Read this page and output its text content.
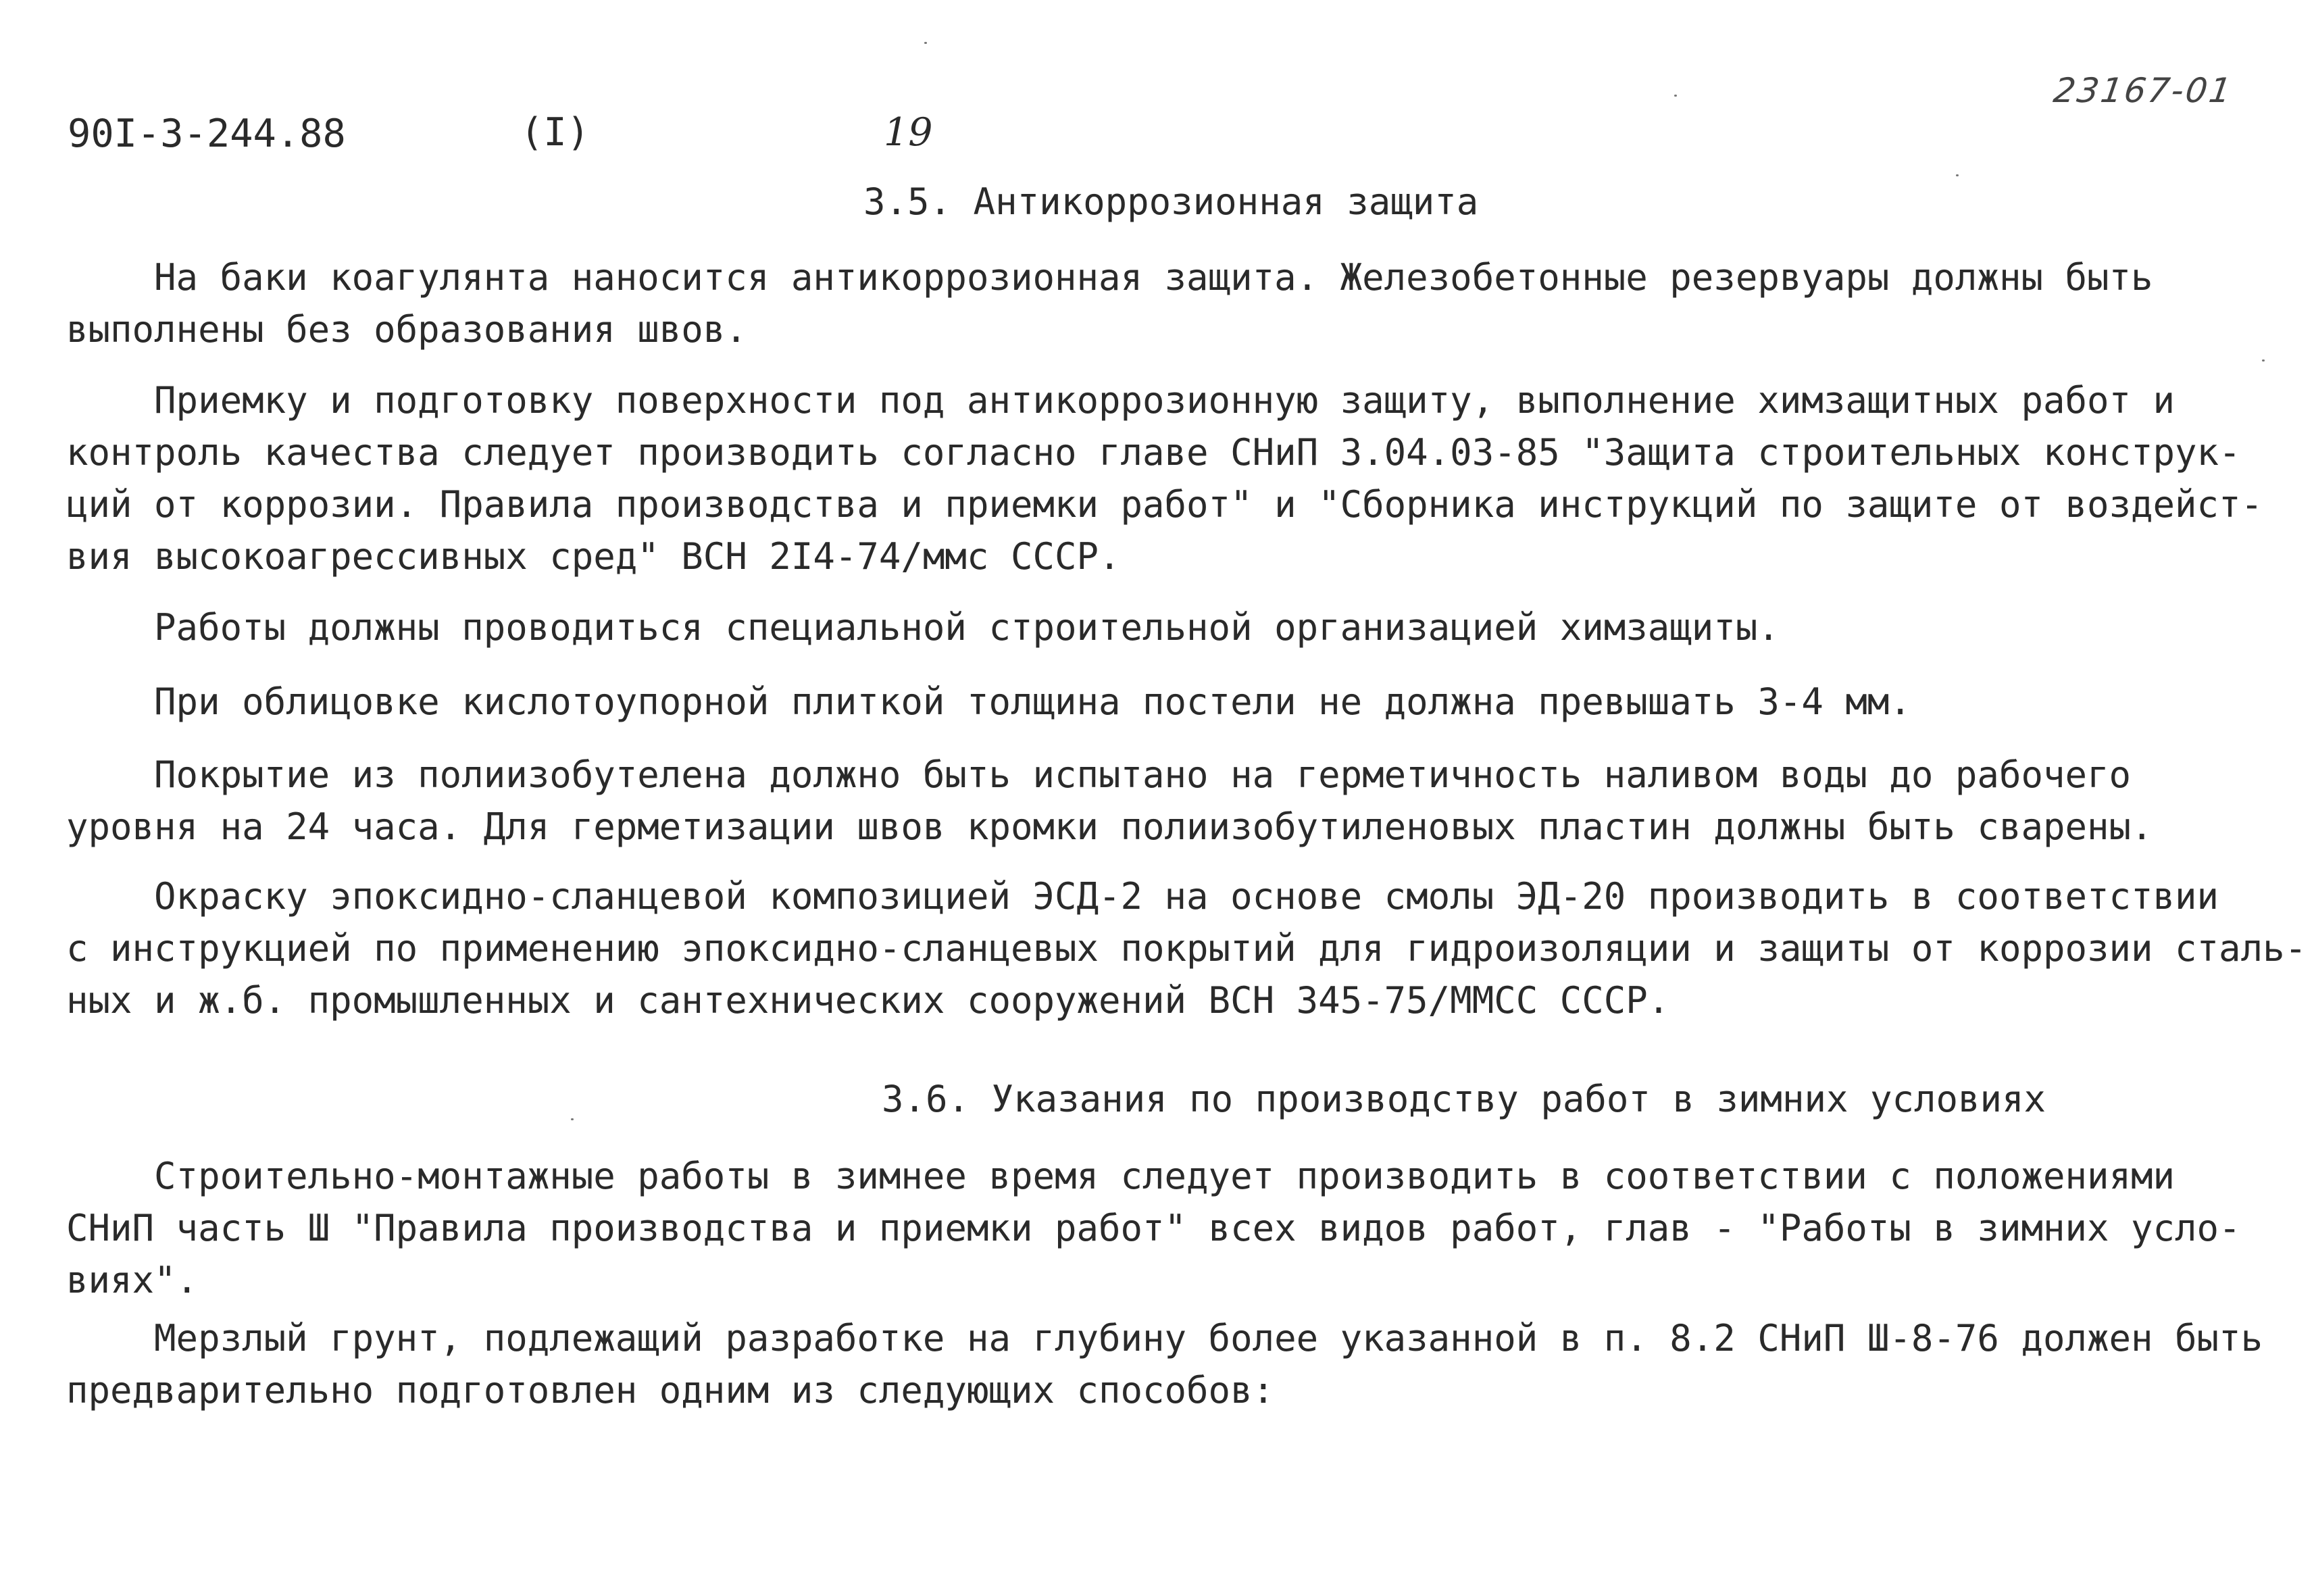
90I-3-244.88	(I)	19
23167-01
3.5. Антикоррозионная защита
На баки коагулянта наносится антикоррозионная защита. Железобетонные резервуары должны быть
выполнены без образования швов.
Приемку и подготовку поверхности под антикоррозионную защиту, выполнение химзащитных работ и
контроль качества следует производить согласно главе СНиП 3.04.03-85 "Защита строительных конструк-
ций от коррозии. Правила производства и приемки работ" и "Сборника инструкций по защите от воздейст-
вия высокоагрессивных сред" ВСН 2I4-74/ммс СССР.
Работы должны проводиться специальной строительной организацией химзащиты.
При облицовке кислотоупорной плиткой толщина постели не должна превышать 3-4 мм.
Покрытие из полиизобутелена должно быть испытано на герметичность наливом воды до рабочего
уровня на 24 часа. Для герметизации швов кромки полиизобутиленовых пластин должны быть сварены.
Окраску эпоксидно-сланцевой композицией ЭСД-2 на основе смолы ЭД-20 производить в соответствии
с инструкцией по применению эпоксидно-сланцевых покрытий для гидроизоляции и защиты от коррозии сталь-
ных и ж.б. промышленных и сантехнических сооружений ВСН 345-75/ММСС СССР.
3.6. Указания по производству работ в зимних условиях
Строительно-монтажные работы в зимнее время следует производить в соответствии с положениями
СНиП часть Ш "Правила производства и приемки работ" всех видов работ, глав - "Работы в зимних усло-
виях".
Мерзлый грунт, подлежащий разработке на глубину более указанной в п. 8.2 СНиП Ш-8-76 должен быть
предварительно подготовлен одним из следующих способов:
